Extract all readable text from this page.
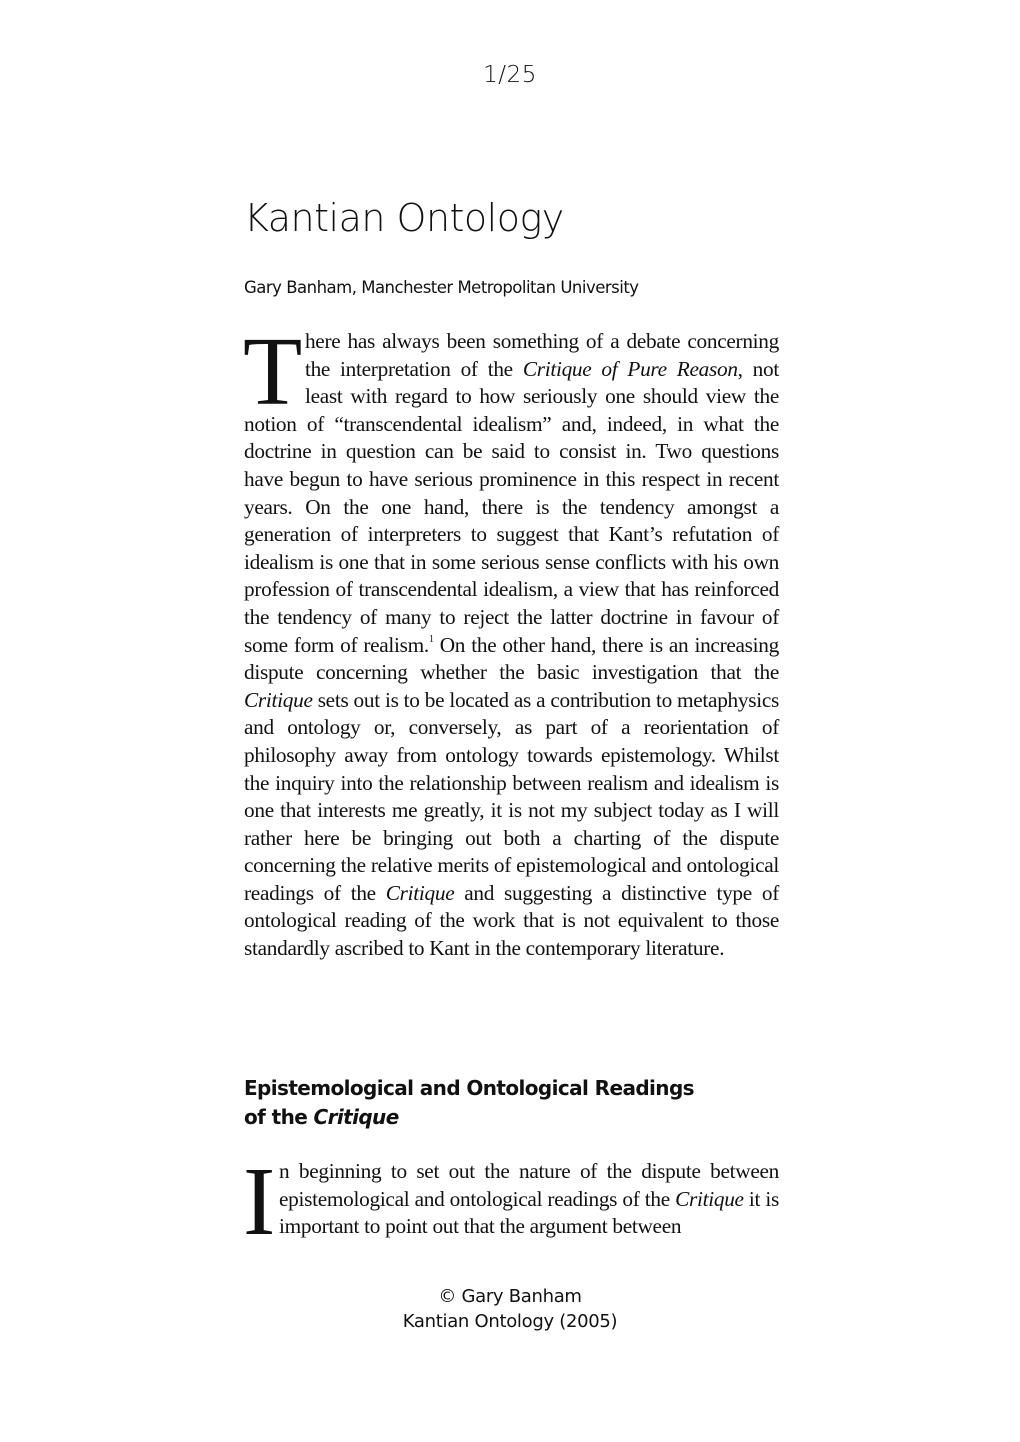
1/25
Kantian Ontology

Gary Banham, Manchester Metropolitan University

There has always been something of a debate concerning the interpretation of the Critique of Pure Reason, not least with regard to how seriously one should view the notion of “transcendental idealism” and, indeed, in what the doctrine in question can be said to consist in. Two questions have begun to have serious prominence in this respect in recent years. On the one hand, there is the tendency amongst a generation of interpreters to suggest that Kant’s refutation of idealism is one that in some serious sense conflicts with his own profession of transcendental idealism, a view that has reinforced the tendency of many to reject the latter doctrine in favour of some form of realism.$^1$ On the other hand, there is an increasing dispute concerning whether the basic investigation that the Critique sets out is to be located as a contribution to metaphysics and ontology or, conversely, as part of a reorientation of philosophy away from ontology towards epistemology. Whilst the inquiry into the relationship between realism and idealism is one that interests me greatly, it is not my subject today as I will rather here be bringing out both a charting of the dispute concerning the relative merits of epistemological and ontological readings of the Critique and suggesting a distinctive type of ontological reading of the work that is not equivalent to those standardly ascribed to Kant in the contemporary literature.

Epistemological and Ontological Readings
of the Critique

In beginning to set out the nature of the dispute between epistemological and ontological readings of the Critique it is important to point out that the argument between

© Gary Banham
Kantian Ontology (2005)
